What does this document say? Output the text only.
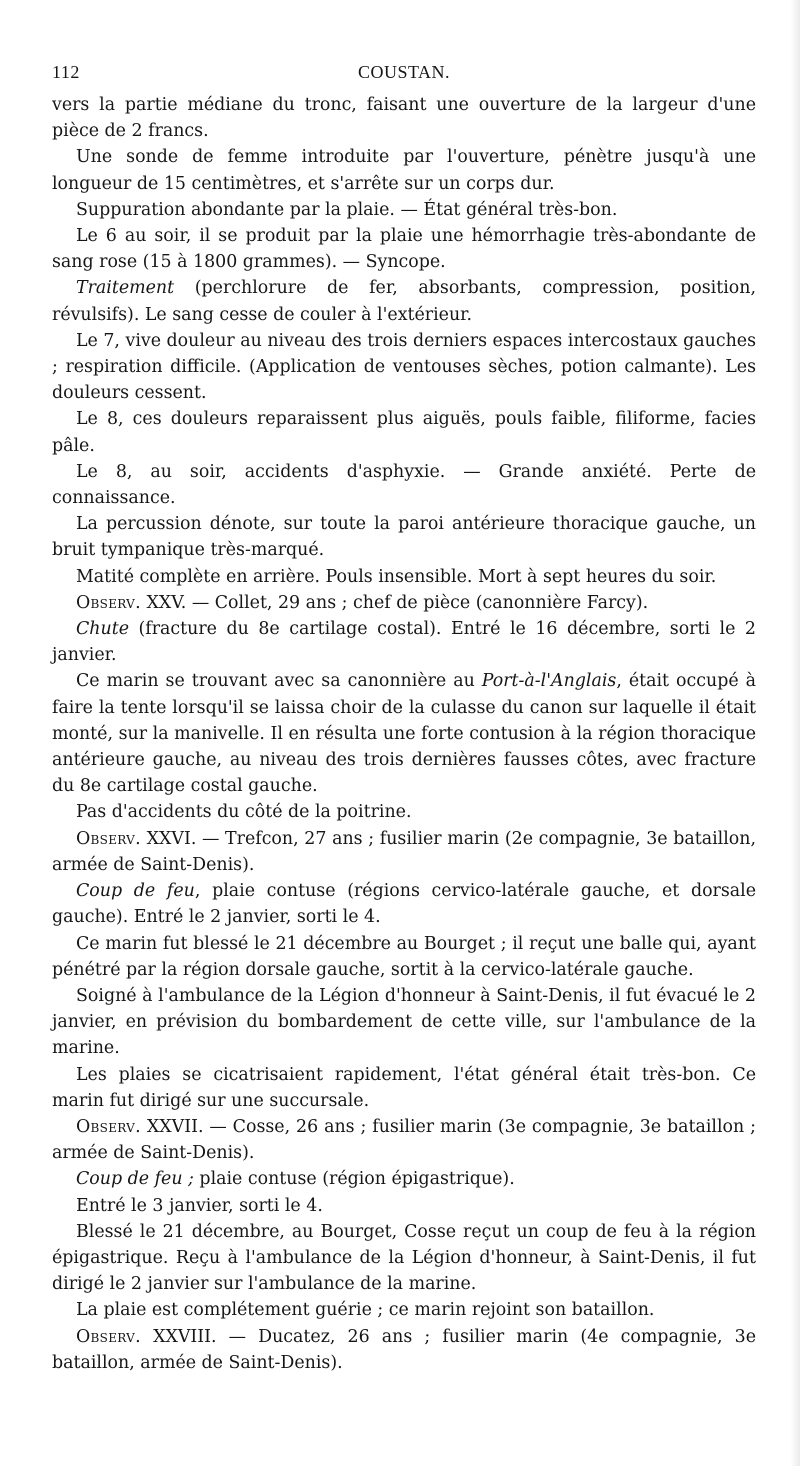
112	COUSTAN.

vers la partie médiane du tronc, faisant une ouverture de la largeur d'une pièce de 2 francs.

Une sonde de femme introduite par l'ouverture, pénètre jusqu'à une longueur de 15 centimètres, et s'arrête sur un corps dur.

Suppuration abondante par la plaie. — État général très-bon.

Le 6 au soir, il se produit par la plaie une hémorrhagie très-abondante de sang rose (15 à 1800 grammes). — Syncope.

Traitement (perchlorure de fer, absorbants, compression, position, révulsifs). Le sang cesse de couler à l'extérieur.

Le 7, vive douleur au niveau des trois derniers espaces intercostaux gauches ; respiration difficile. (Application de ventouses sèches, potion calmante). Les douleurs cessent.

Le 8, ces douleurs reparaissent plus aiguës, pouls faible, filiforme, facies pâle.

Le 8, au soir, accidents d'asphyxie. — Grande anxiété. Perte de connaissance.

La percussion dénote, sur toute la paroi antérieure thoracique gauche, un bruit tympanique très-marqué.

Matité complète en arrière. Pouls insensible. Mort à sept heures du soir.

Observ. XXV. — Collet, 29 ans ; chef de pièce (canonnière Farcy).

Chute (fracture du 8e cartilage costal). Entré le 16 décembre, sorti le 2 janvier.

Ce marin se trouvant avec sa canonnière au Port-à-l'Anglais, était occupé à faire la tente lorsqu'il se laissa choir de la culasse du canon sur laquelle il était monté, sur la manivelle. Il en résulta une forte contusion à la région thoracique antérieure gauche, au niveau des trois dernières fausses côtes, avec fracture du 8e cartilage costal gauche.

Pas d'accidents du côté de la poitrine.

Observ. XXVI. — Trefcon, 27 ans ; fusilier marin (2e compagnie, 3e bataillon, armée de Saint-Denis).

Coup de feu, plaie contuse (régions cervico-latérale gauche, et dorsale gauche). Entré le 2 janvier, sorti le 4.

Ce marin fut blessé le 21 décembre au Bourget ; il reçut une balle qui, ayant pénétré par la région dorsale gauche, sortit à la cervico-latérale gauche.

Soigné à l'ambulance de la Légion d'honneur à Saint-Denis, il fut évacué le 2 janvier, en prévision du bombardement de cette ville, sur l'ambulance de la marine.

Les plaies se cicatrisaient rapidement, l'état général était très-bon. Ce marin fut dirigé sur une succursale.

Observ. XXVII. — Cosse, 26 ans ; fusilier marin (3e compagnie, 3e bataillon ; armée de Saint-Denis).

Coup de feu ; plaie contuse (région épigastrique).

Entré le 3 janvier, sorti le 4.

Blessé le 21 décembre, au Bourget, Cosse reçut un coup de feu à la région épigastrique. Reçu à l'ambulance de la Légion d'honneur, à Saint-Denis, il fut dirigé le 2 janvier sur l'ambulance de la marine.

La plaie est complétement guérie ; ce marin rejoint son bataillon.

Observ. XXVIII. — Ducatez, 26 ans ; fusilier marin (4e compagnie, 3e bataillon, armée de Saint-Denis).
